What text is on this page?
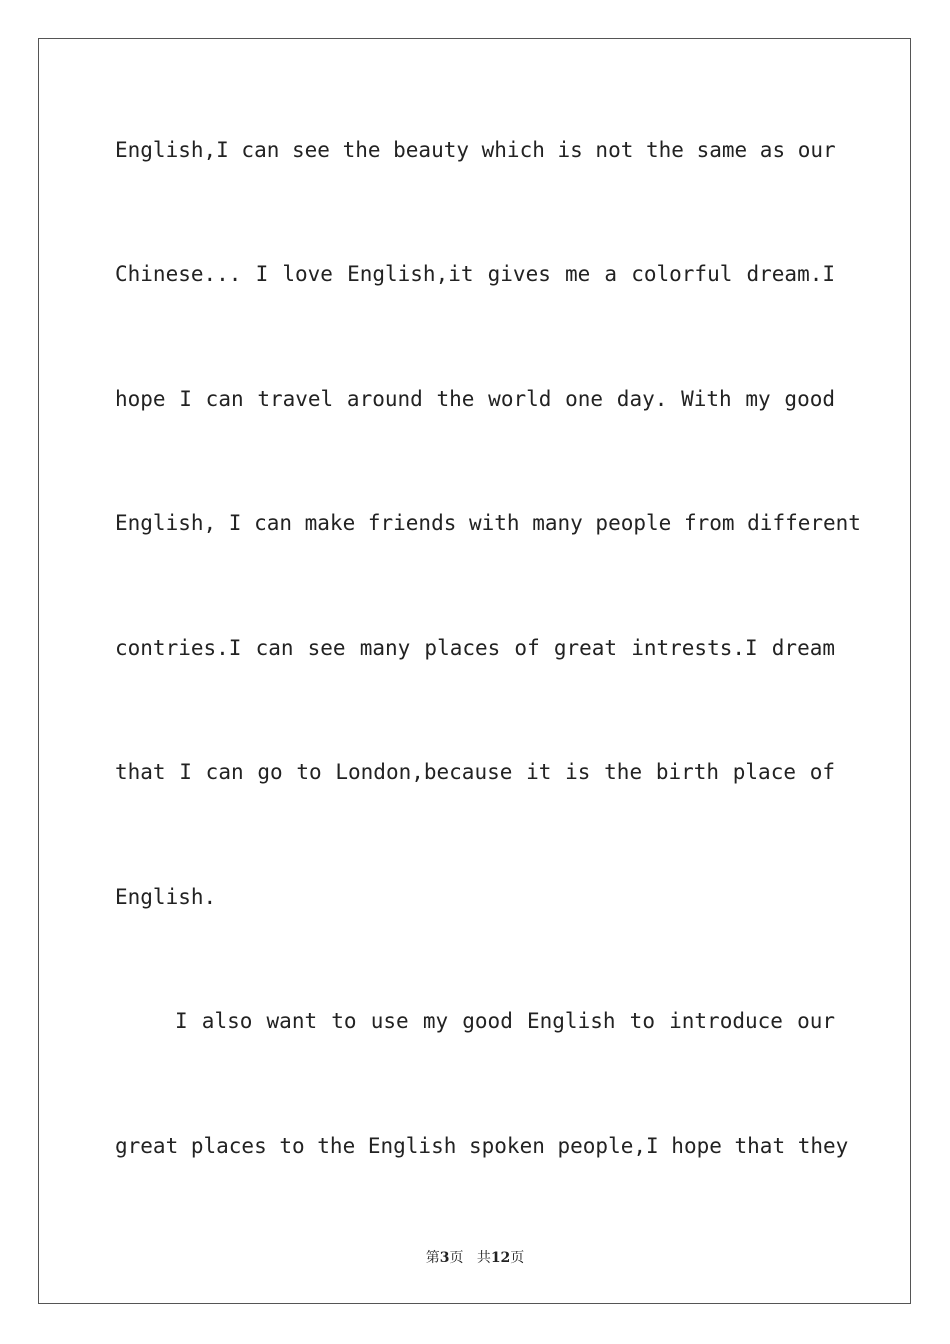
English,I can see the beauty which is not the same as our
Chinese... I love English,it gives me a colorful dream.I
hope I can travel around the world one day. With my good
English, I can make friends with many people from different
contries.I can see many places of great intrests.I dream
that I can go to London,because it is the birth place of
English.
I also want to use my good English to introduce our
great places to the English spoken people,I hope that they
第3页 共12页
